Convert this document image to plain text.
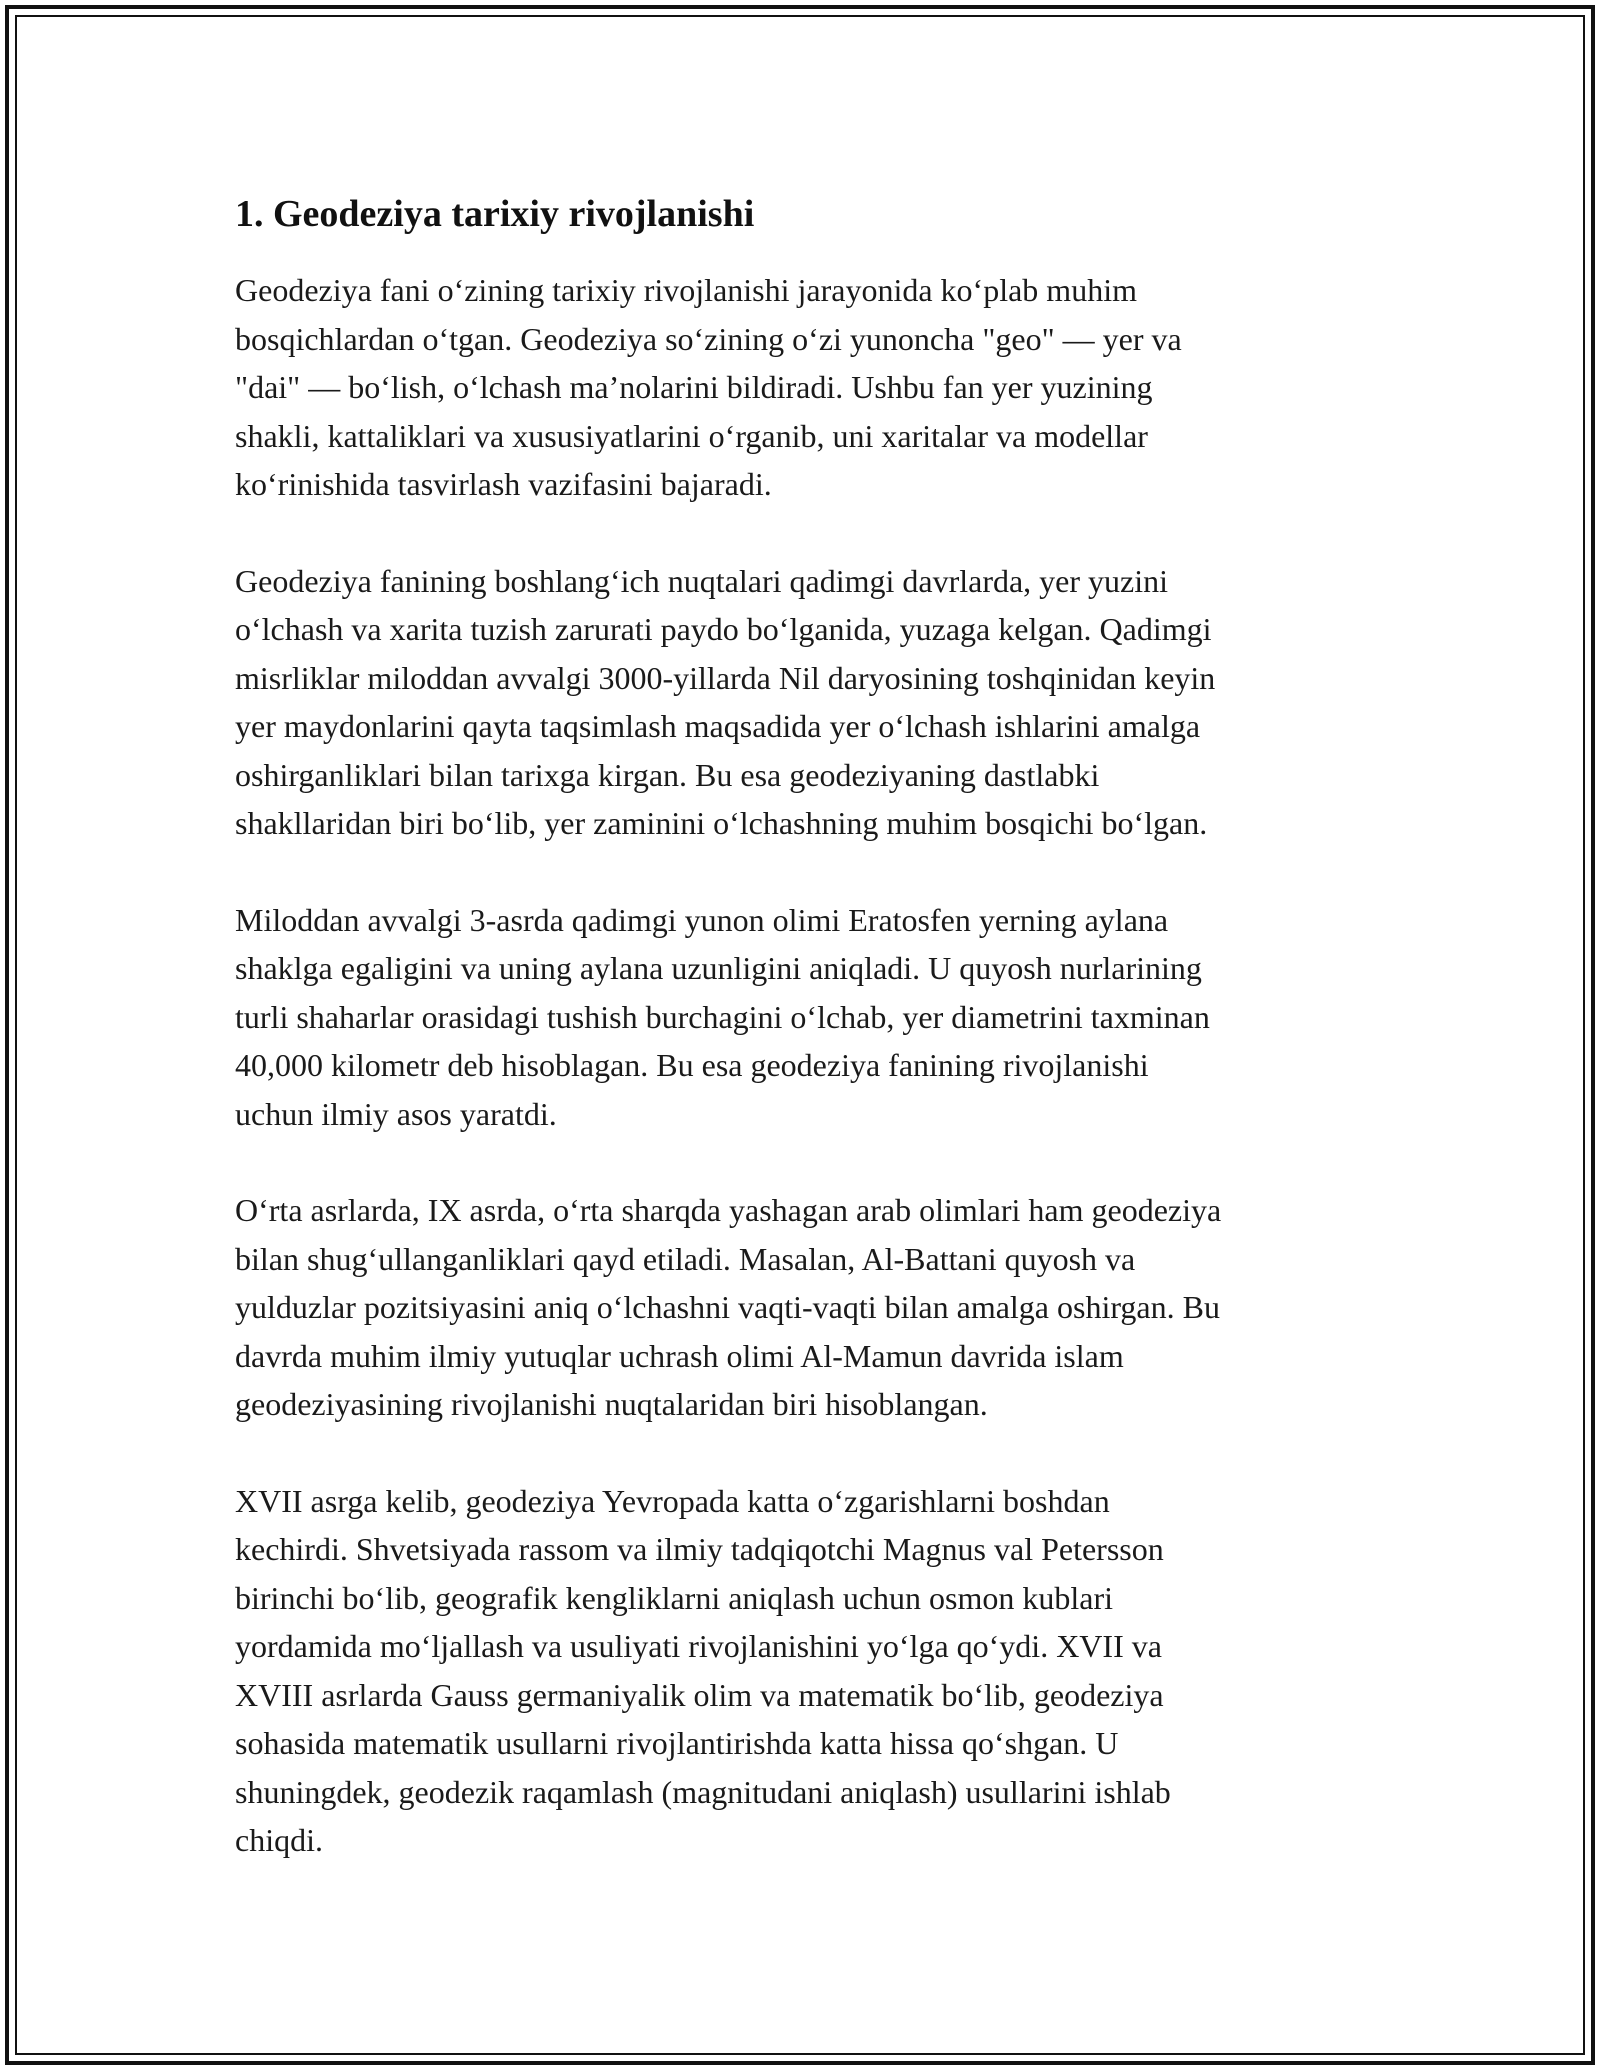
1. Geodeziya tarixiy rivojlanishi

Geodeziya fani o‘zining tarixiy rivojlanishi jarayonida ko‘plab muhim
bosqichlardan o‘tgan. Geodeziya so‘zining o‘zi yunoncha "geo" — yer va
"dai" — bo‘lish, o‘lchash ma’nolarini bildiradi. Ushbu fan yer yuzining
shakli, kattaliklari va xususiyatlarini o‘rganib, uni xaritalar va modellar
ko‘rinishida tasvirlash vazifasini bajaradi.

Geodeziya fanining boshlang‘ich nuqtalari qadimgi davrlarda, yer yuzini
o‘lchash va xarita tuzish zarurati paydo bo‘lganida, yuzaga kelgan. Qadimgi
misrliklar miloddan avvalgi 3000-yillarda Nil daryosining toshqinidan keyin
yer maydonlarini qayta taqsimlash maqsadida yer o‘lchash ishlarini amalga
oshirganliklari bilan tarixga kirgan. Bu esa geodeziyaning dastlabki
shakllaridan biri bo‘lib, yer zaminini o‘lchashning muhim bosqichi bo‘lgan.

Miloddan avvalgi 3-asrda qadimgi yunon olimi Eratosfen yerning aylana
shaklga egaligini va uning aylana uzunligini aniqladi. U quyosh nurlarining
turli shaharlar orasidagi tushish burchagini o‘lchab, yer diametrini taxminan
40,000 kilometr deb hisoblagan. Bu esa geodeziya fanining rivojlanishi
uchun ilmiy asos yaratdi.

O‘rta asrlarda, IX asrda, o‘rta sharqda yashagan arab olimlari ham geodeziya
bilan shug‘ullanganliklari qayd etiladi. Masalan, Al-Battani quyosh va
yulduzlar pozitsiyasini aniq o‘lchashni vaqti-vaqti bilan amalga oshirgan. Bu
davrda muhim ilmiy yutuqlar uchrash olimi Al-Mamun davrida islam
geodeziyasining rivojlanishi nuqtalaridan biri hisoblangan.

XVII asrga kelib, geodeziya Yevropada katta o‘zgarishlarni boshdan
kechirdi. Shvetsiyada rassom va ilmiy tadqiqotchi Magnus val Petersson
birinchi bo‘lib, geografik kengliklarni aniqlash uchun osmon kublari
yordamida mo‘ljallash va usuliyati rivojlanishini yo‘lga qo‘ydi. XVII va
XVIII asrlarda Gauss germaniyalik olim va matematik bo‘lib, geodeziya
sohasida matematik usullarni rivojlantirishda katta hissa qo‘shgan. U
shuningdek, geodezik raqamlash (magnitudani aniqlash) usullarini ishlab
chiqdi.
